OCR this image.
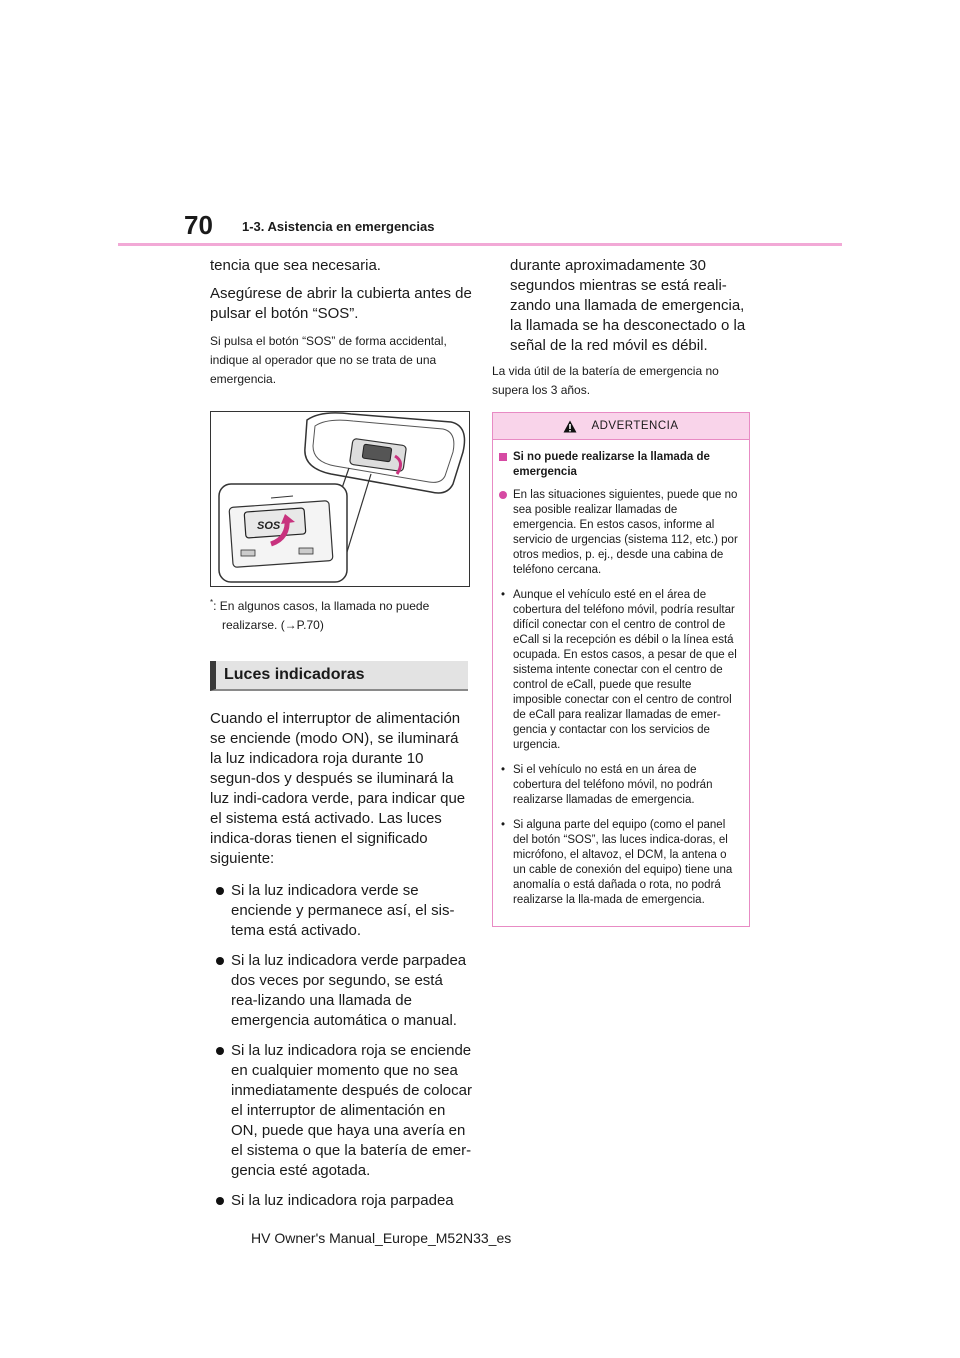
70 1-3. Asistencia en emergencias

tencia que sea necesaria.

Asegúrese de abrir la cubierta antes de pulsar el botón “SOS”.

Si pulsa el botón “SOS” de forma accidental, indique al operador que no se trata de una emergencia.

SOS

*: En algunos casos, la llamada no puede realizarse. (→P.70)

Luces indicadoras

Cuando el interruptor de alimentación se enciende (modo ON), se iluminará la luz indicadora roja durante 10 segun-dos y después se iluminará la luz indi-cadora verde, para indicar que el sistema está activado. Las luces indica-doras tienen el significado siguiente:

Si la luz indicadora verde se enciende y permanece así, el sis-tema está activado.
Si la luz indicadora verde parpadea dos veces por segundo, se está rea-lizando una llamada de emergencia automática o manual.
Si la luz indicadora roja se enciende en cualquier momento que no sea inmediatamente después de colocar el interruptor de alimentación en ON, puede que haya una avería en el sistema o que la batería de emer-gencia esté agotada.
Si la luz indicadora roja parpadea

durante aproximadamente 30 segundos mientras se está reali-zando una llamada de emergencia, la llamada se ha desconectado o la señal de la red móvil es débil.

La vida útil de la batería de emergencia no supera los 3 años.

ADVERTENCIA

Si no puede realizarse la llamada de emergencia

En las situaciones siguientes, puede que no sea posible realizar llamadas de emergencia. En estos casos, informe al servicio de urgencias (sistema 112, etc.) por otros medios, p. ej., desde una cabina de teléfono cercana.

• Aunque el vehículo esté en el área de cobertura del teléfono móvil, podría resultar difícil conectar con el centro de control de eCall si la recepción es débil o la línea está ocupada. En estos casos, a pesar de que el sistema intente conectar con el centro de control de eCall, puede que resulte imposible conectar con el centro de control de eCall para realizar llamadas de emer-gencia y contactar con los servicios de urgencia.
• Si el vehículo no está en un área de cobertura del teléfono móvil, no podrán realizarse llamadas de emergencia.
• Si alguna parte del equipo (como el panel del botón “SOS”, las luces indica-doras, el micrófono, el altavoz, el DCM, la antena o un cable de conexión del equipo) tiene una anomalía o está dañada o rota, no podrá realizarse la lla-mada de emergencia.
HV Owner's Manual_Europe_M52N33_es
